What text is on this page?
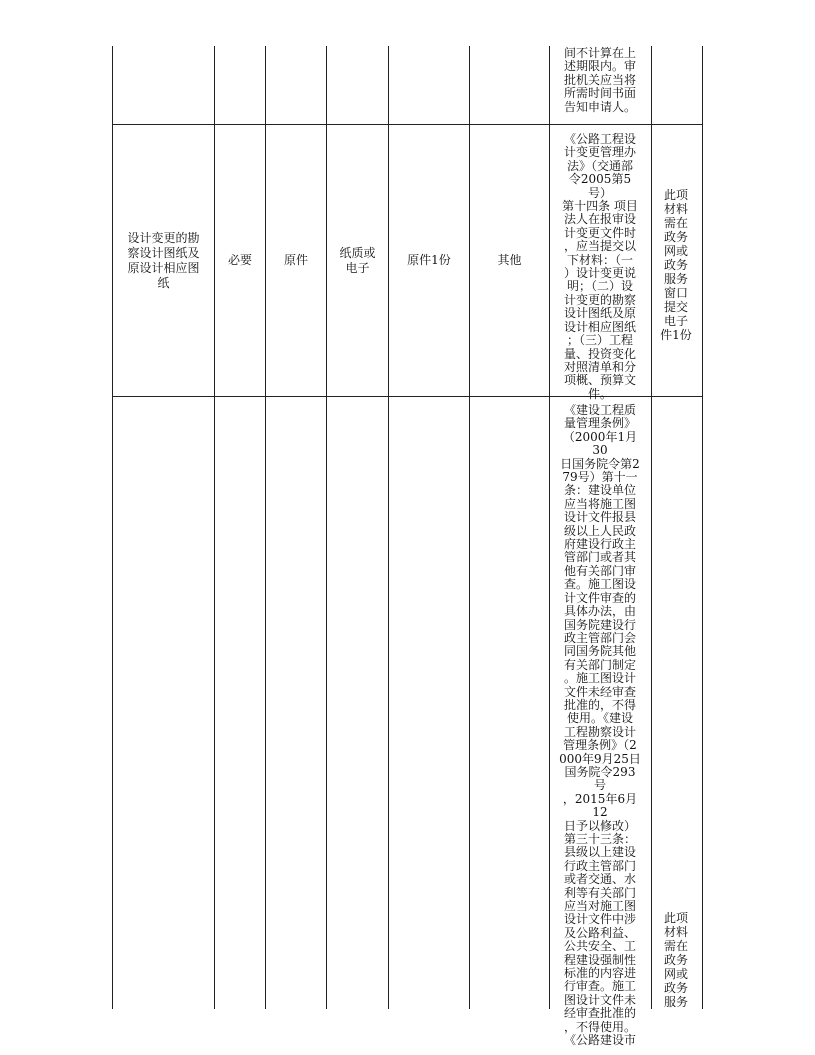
间不计算在上
述期限内。审
批机关应当将
所需时间书面
告知申请人。
设计变更的勘
察设计图纸及
原设计相应图
纸
必要	原件
纸质或
电子
原件1份	其他
《公路工程设
计变更管理办
法》（交通部
令2005第5号）
第十四条 项目
法人在报审设
计变更文件时
，应当提交以
下材料：（一
）设计变更说
明；（二）设
计变更的勘察
设计图纸及原
设计相应图纸
；（三）工程
量、投资变化
对照清单和分
项概、预算文
件。
此项
材料
需在
政务
网或
政务
服务
窗口
提交
电子
件1份
《建设工程质
量管理条例》
（2000年1月30
日国务院令第2
79号）第十一
条：建设单位
应当将施工图
设计文件报县
级以上人民政
府建设行政主
管部门或者其
他有关部门审
查。施工图设
计文件审查的
具体办法，由
国务院建设行
政主管部门会
同国务院其他
有关部门制定
。施工图设计
文件未经审查
批准的，不得
使用。《建设
工程勘察设计
管理条例》（2
000年9月25日
国务院令293号
，2015年6月12
日予以修改）
第三十三条：
县级以上建设
行政主管部门
或者交通、水
利等有关部门
应当对施工图
设计文件中涉
及公路利益、
公共安全、工
程建设强制性
标准的内容进
行审查。施工
图设计文件未
经审查批准的
，不得使用。
《公路建设市
此项
材料
需在
政务
网或
政务
服务
